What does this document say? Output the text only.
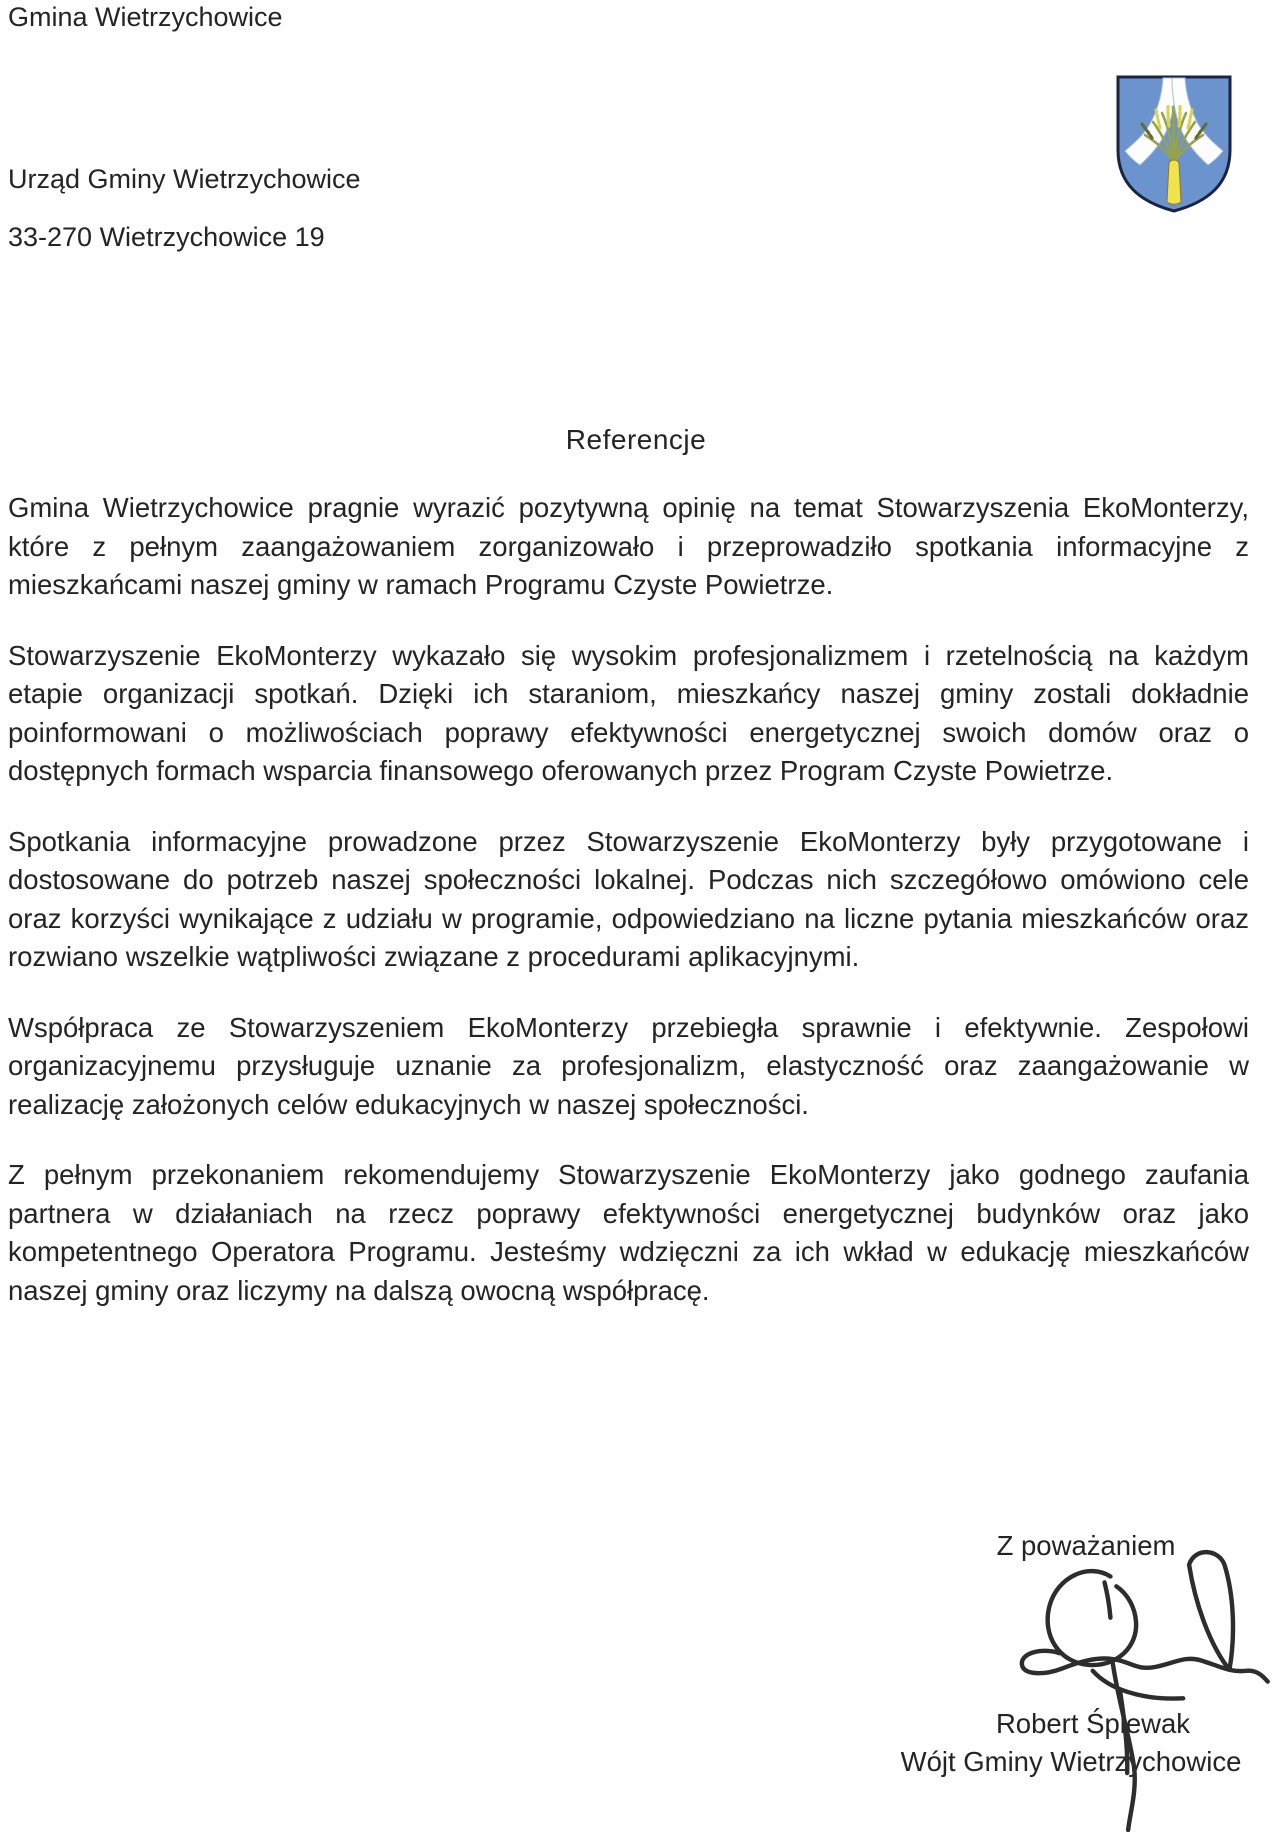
Gmina Wietrzychowice
Urząd Gminy Wietrzychowice
33-270 Wietrzychowice 19
Referencje

Gmina Wietrzychowice pragnie wyrazić pozytywną opinię na temat Stowarzyszenia EkoMonterzy, które z pełnym zaangażowaniem zorganizowało i przeprowadziło spotkania informacyjne z mieszkańcami naszej gminy w ramach Programu Czyste Powietrze.

Stowarzyszenie EkoMonterzy wykazało się wysokim profesjonalizmem i rzetelnością na każdym etapie organizacji spotkań. Dzięki ich staraniom, mieszkańcy naszej gminy zostali dokładnie poinformowani o możliwościach poprawy efektywności energetycznej swoich domów oraz o dostępnych formach wsparcia finansowego oferowanych przez Program Czyste Powietrze.

Spotkania informacyjne prowadzone przez Stowarzyszenie EkoMonterzy były przygotowane i dostosowane do potrzeb naszej społeczności lokalnej. Podczas nich szczegółowo omówiono cele oraz korzyści wynikające z udziału w programie, odpowiedziano na liczne pytania mieszkańców oraz rozwiano wszelkie wątpliwości związane z procedurami aplikacyjnymi.

Współpraca ze Stowarzyszeniem EkoMonterzy przebiegła sprawnie i efektywnie. Zespołowi organizacyjnemu przysługuje uznanie za profesjonalizm, elastyczność oraz zaangażowanie w realizację założonych celów edukacyjnych w naszej społeczności.

Z pełnym przekonaniem rekomendujemy Stowarzyszenie EkoMonterzy jako godnego zaufania partnera w działaniach na rzecz poprawy efektywności energetycznej budynków oraz jako kompetentnego Operatora Programu. Jesteśmy wdzięczni za ich wkład w edukację mieszkańców naszej gminy oraz liczymy na dalszą owocną współpracę.

Z poważaniem
Robert Śpiewak
Wójt Gminy Wietrzychowice
